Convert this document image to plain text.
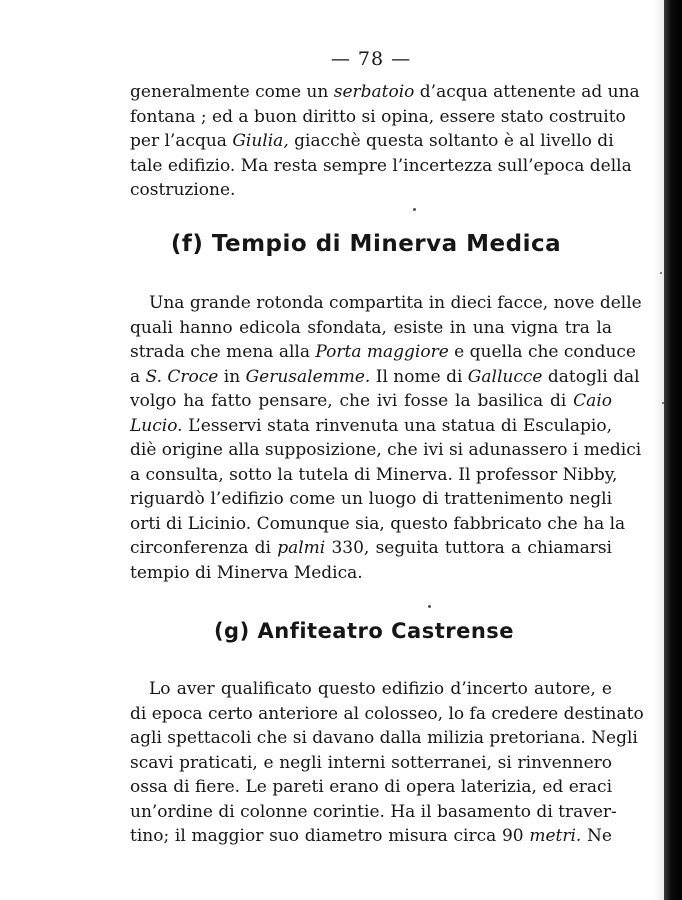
— 78 —
generalmente come un serbatoio d’acqua attenente ad una
fontana ; ed a buon diritto si opina, essere stato costruito
per l’acqua Giulia, giacchè questa soltanto è al livello di
tale edifizio. Ma resta sempre l’incertezza sull’epoca della
costruzione.
(f) Tempio di Minerva Medica
Una grande rotonda compartita in dieci facce, nove delle
quali hanno edicola sfondata, esiste in una vigna tra la
strada che mena alla Porta maggiore e quella che conduce
a S. Croce in Gerusalemme. Il nome di Gallucce datogli dal
volgo ha fatto pensare, che ivi fosse la basilica di Caio
Lucio. L’esservi stata rinvenuta una statua di Esculapio,
diè origine alla supposizione, che ivi si adunassero i medici
a consulta, sotto la tutela di Minerva. Il professor Nibby,
riguardò l’edifizio come un luogo di trattenimento negli
orti di Licinio. Comunque sia, questo fabbricato che ha la
circonferenza di palmi 330, seguita tuttora a chiamarsi
tempio di Minerva Medica.
(g) Anfiteatro Castrense
Lo aver qualificato questo edifizio d’incerto autore, e
di epoca certo anteriore al colosseo, lo fa credere destinato
agli spettacoli che si davano dalla milizia pretoriana. Negli
scavi praticati, e negli interni sotterranei, si rinvennero
ossa di fiere. Le pareti erano di opera laterizia, ed eraci
un’ordine di colonne corintie. Ha il basamento di traver-
tino; il maggior suo diametro misura circa 90 metri. Ne
